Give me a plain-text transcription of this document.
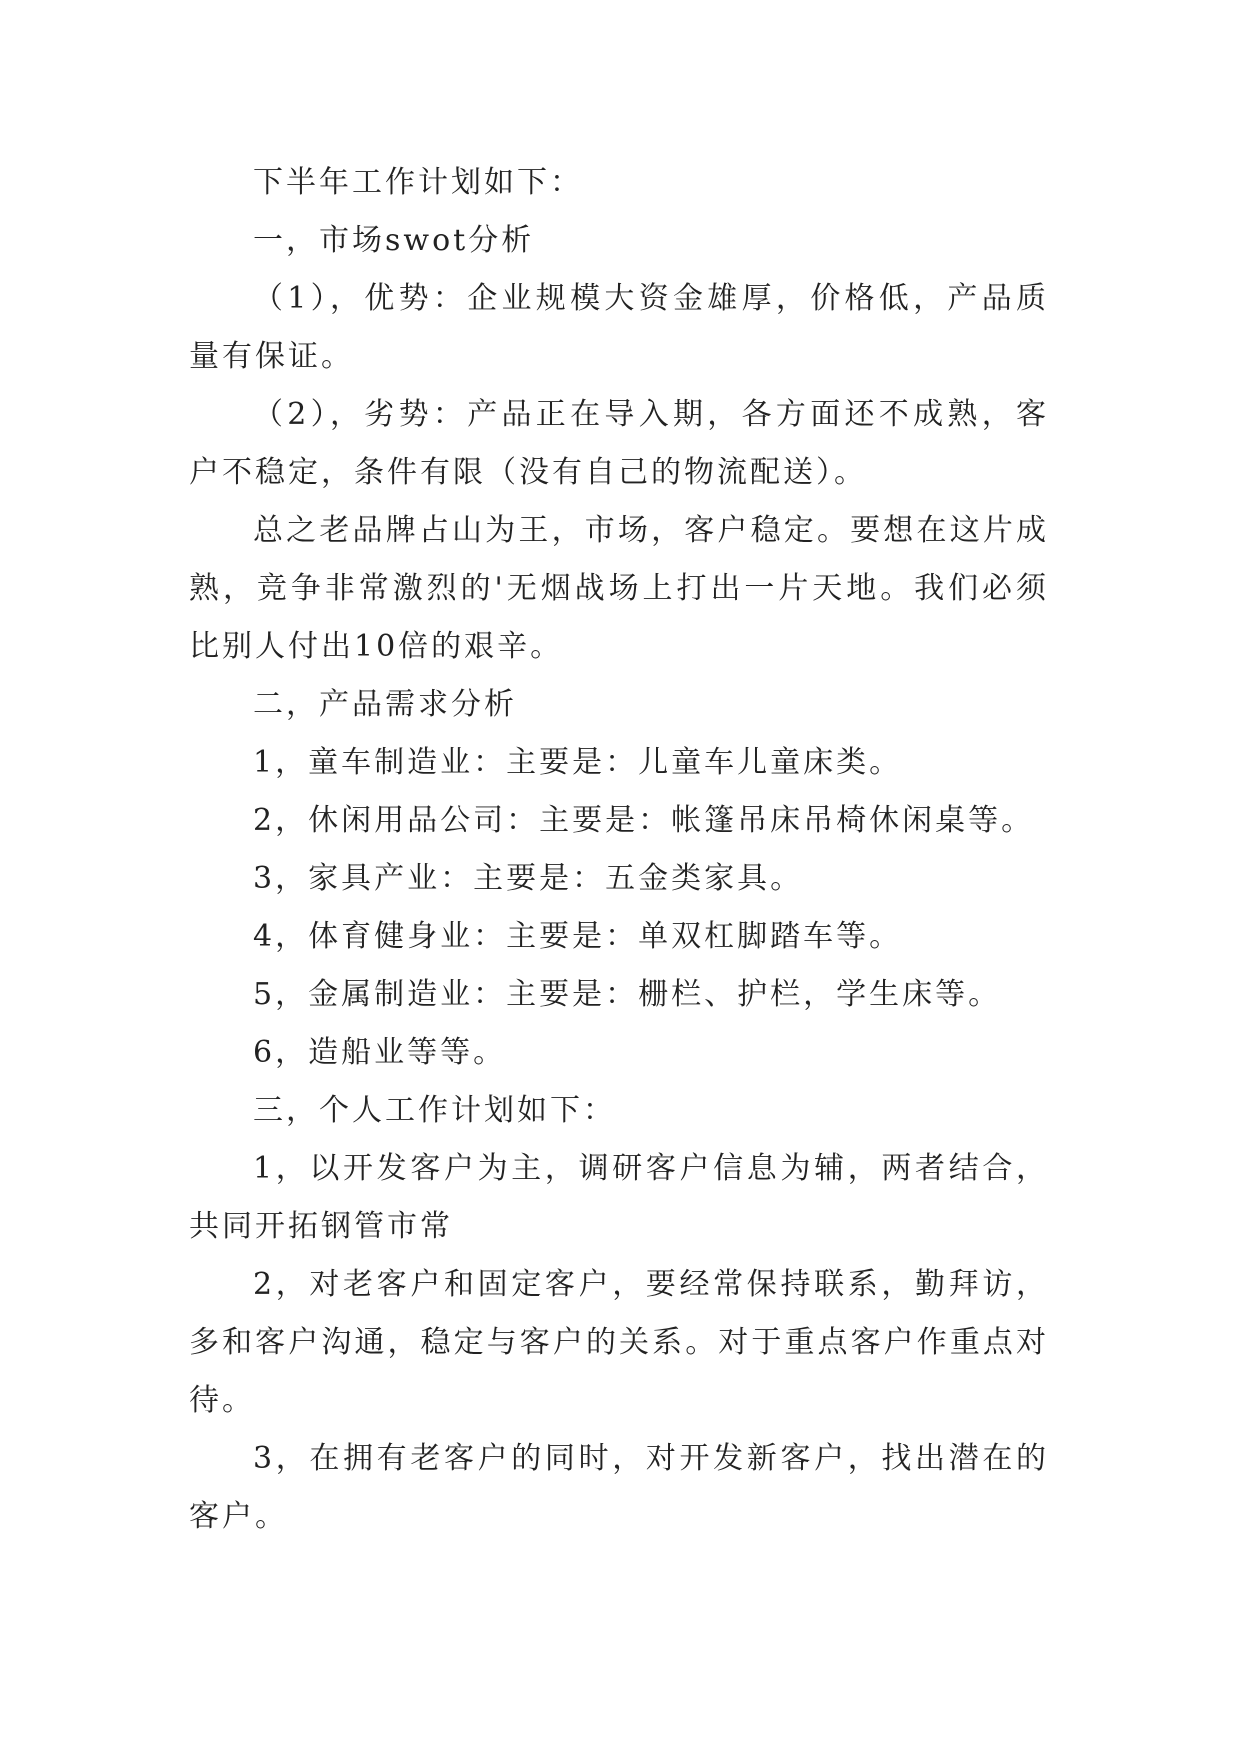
下半年工作计划如下：

一，市场swot分析

（1），优势：企业规模大资金雄厚，价格低，产品质量有保证。

（2），劣势：产品正在导入期，各方面还不成熟，客户不稳定，条件有限（没有自己的物流配送）。

总之老品牌占山为王，市场，客户稳定。要想在这片成熟，竞争非常激烈的'无烟战场上打出一片天地。我们必须比别人付出10倍的艰辛。

二，产品需求分析

1，童车制造业：主要是：儿童车儿童床类。

2，休闲用品公司：主要是：帐篷吊床吊椅休闲桌等。

3，家具产业：主要是：五金类家具。

4，体育健身业：主要是：单双杠脚踏车等。

5，金属制造业：主要是：栅栏、护栏，学生床等。

6，造船业等等。

三，个人工作计划如下：

1，以开发客户为主，调研客户信息为辅，两者结合，共同开拓钢管市常

2，对老客户和固定客户，要经常保持联系，勤拜访，多和客户沟通，稳定与客户的关系。对于重点客户作重点对待。

3，在拥有老客户的同时，对开发新客户，找出潜在的客户。
